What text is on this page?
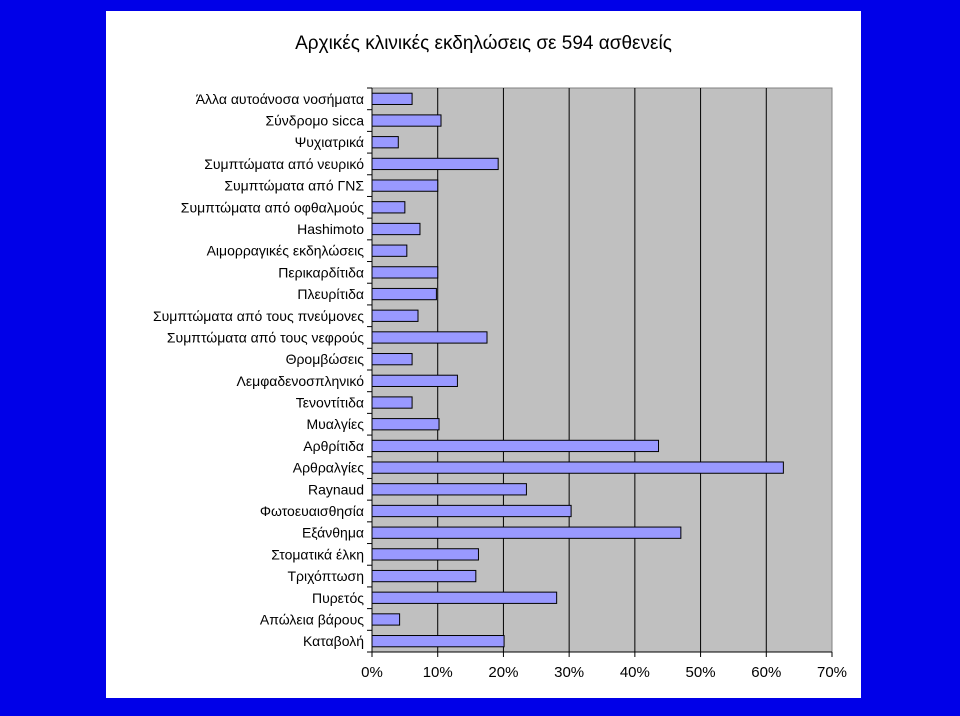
Αρχικές κλινικές εκδηλώσεις σε 594 ασθενείς
0%	10% 20% 30% 40% 50% 60% 70%
Άλλα αυτοάνοσα νοσήματα
Σύνδρομο sicca
Ψυχιατρικά
Συμπτώματα από νευρικό
Συμπτώματα από ΓΝΣ
Συμπτώματα από οφθαλμούς
Hashimoto
Αιμορραγικές εκδηλώσεις
Περικαρδίτιδα
Πλευρίτιδα
Συμπτώματα από τους πνεύμονες
Συμπτώματα από τους νεφρούς
Θρομβώσεις
Λεμφαδενοσπληνικό
Τενοντίτιδα
Μυαλγίες
Αρθρίτιδα
Αρθραλγίες
Raynaud
Φωτοευαισθησία
Εξάνθημα
Στοματικά έλκη
Τριχόπτωση
Πυρετός
Απώλεια βάρους
Καταβολή
